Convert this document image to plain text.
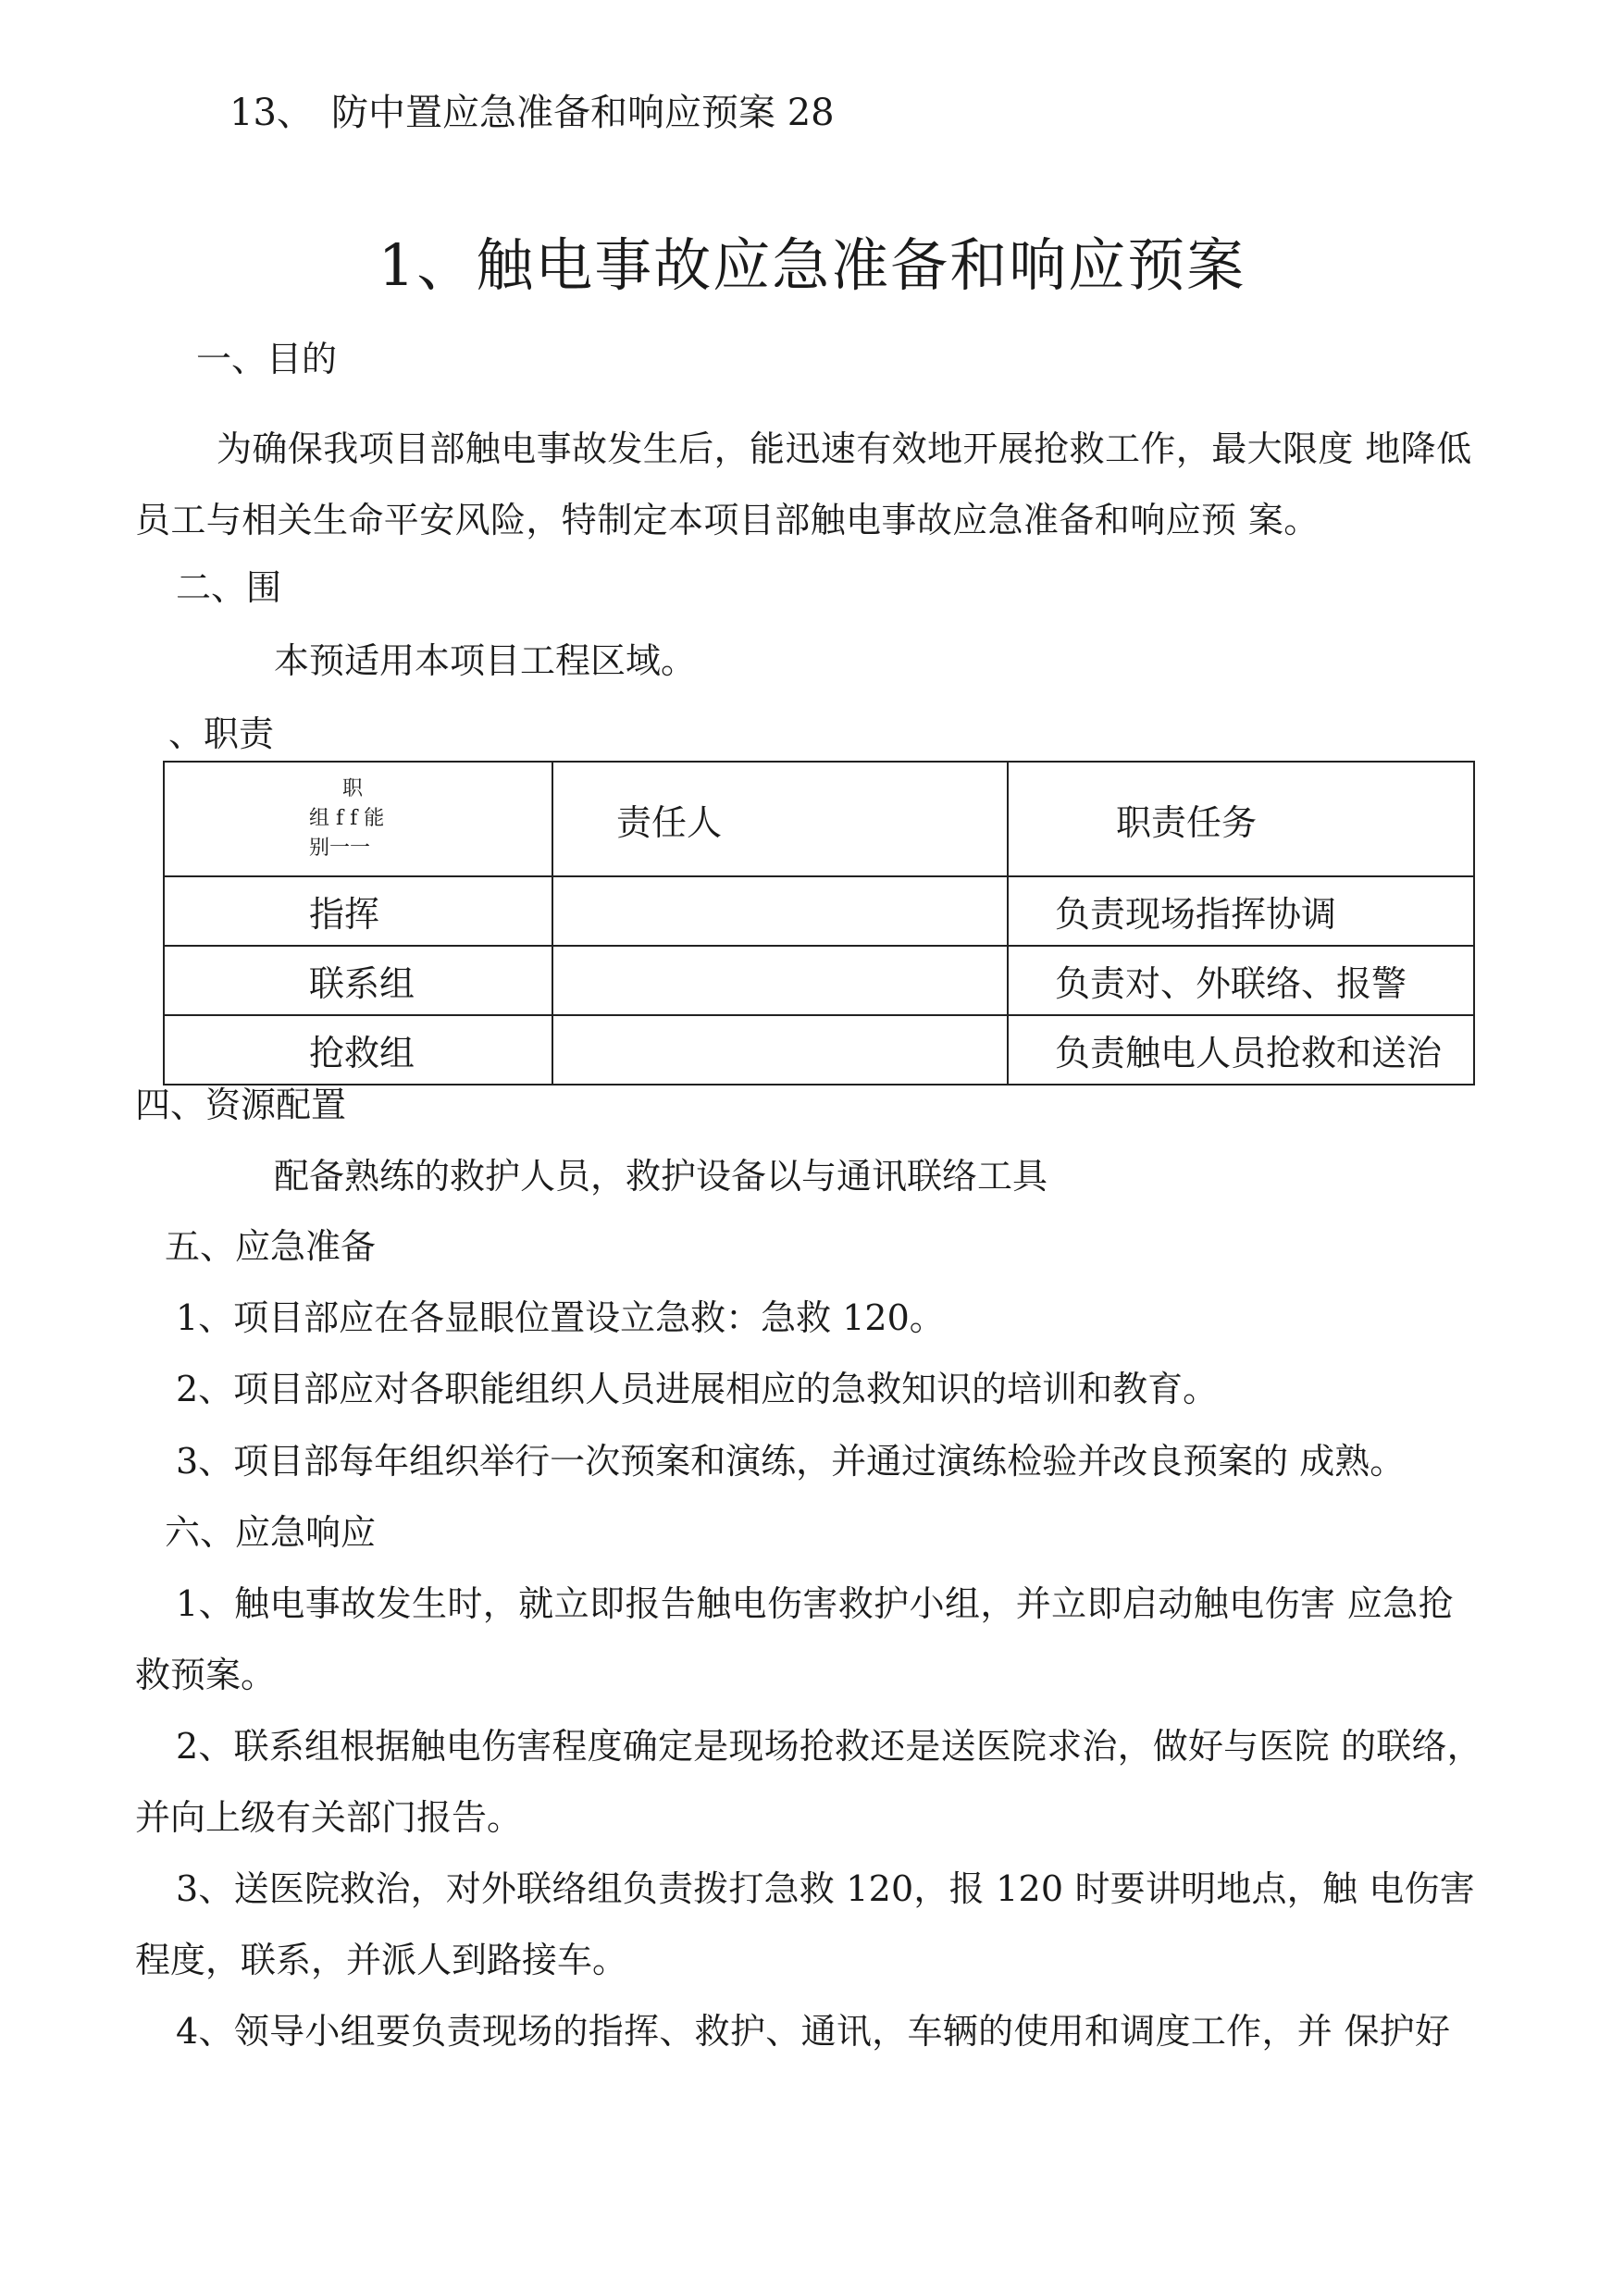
13、 防中置应急准备和响应预案 28
1、触电事故应急准备和响应预案
一、目的
为确保我项目部触电事故发生后，能迅速有效地开展抢救工作，最大限度 地降低
员工与相关生命平安风险，特制定本项目部触电事故应急准备和响应预 案。
二、围
本预适用本项目工程区域。
、职责
职
组 f f 能
别一一	责任人	职责任务
指挥		负责现场指挥协调
联系组		负责对、外联络、报警
抢救组		负责触电人员抢救和送治
四、资源配置
配备熟练的救护人员，救护设备以与通讯联络工具
五、应急准备
1、项目部应在各显眼位置设立急救：急救 120。
2、项目部应对各职能组织人员进展相应的急救知识的培训和教育。
3、项目部每年组织举行一次预案和演练，并通过演练检验并改良预案的 成熟。
六、应急响应
1、触电事故发生时，就立即报告触电伤害救护小组，并立即启动触电伤害 应急抢
救预案。
2、联系组根据触电伤害程度确定是现场抢救还是送医院求治，做好与医院 的联络，
并向上级有关部门报告。
3、送医院救治，对外联络组负责拨打急救 120，报 120 时要讲明地点，触 电伤害
程度，联系，并派人到路接车。
4、领导小组要负责现场的指挥、救护、通讯，车辆的使用和调度工作，并 保护好
